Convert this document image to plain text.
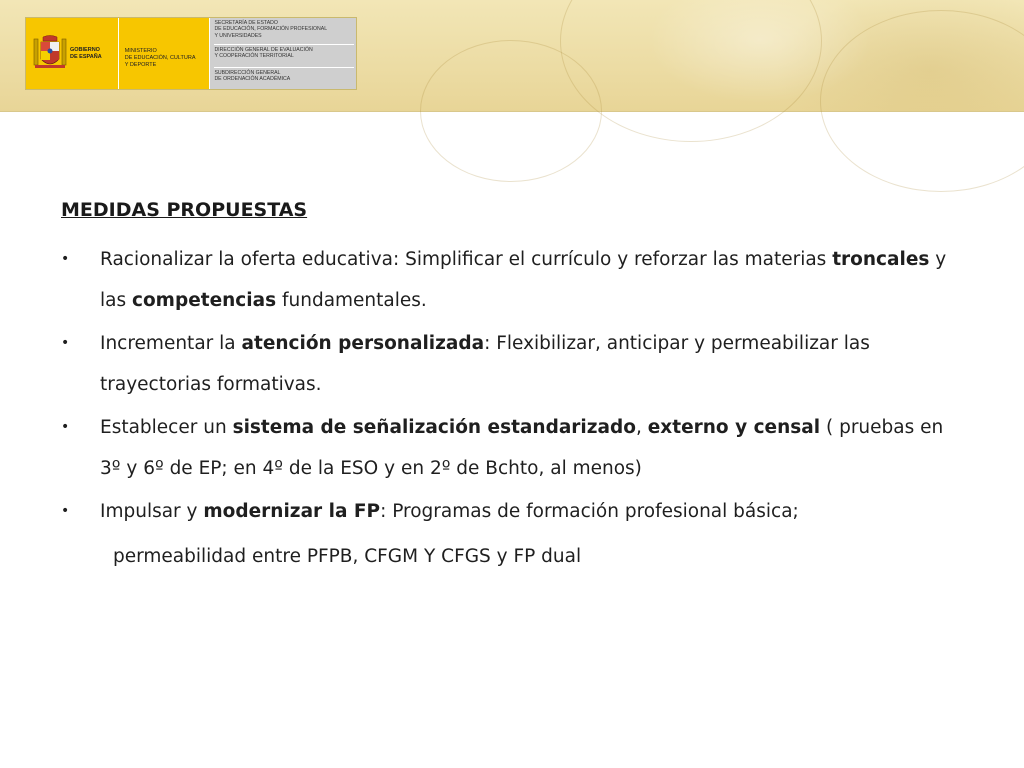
GOBIERNO
DE ESPAÑA
MINISTERIO
DE EDUCACIÓN, CULTURA
Y DEPORTE
SECRETARÍA DE ESTADO
DE EDUCACIÓN, FORMACIÓN PROFESIONAL
Y UNIVERSIDADES
DIRECCIÓN GENERAL DE EVALUACIÓN
Y COOPERACIÓN TERRITORIAL
SUBDIRECCIÓN GENERAL
DE ORDENACIÓN ACADÉMICA
MEDIDAS PROPUESTAS
• Racionalizar la oferta educativa: Simplificar el currículo y reforzar las materias troncales y las competencias fundamentales.
• Incrementar la atención personalizada: Flexibilizar, anticipar y permeabilizar las trayectorias formativas.
• Establecer un sistema de señalización estandarizado, externo y censal ( pruebas en 3º y 6º de EP; en 4º de la ESO y en 2º de Bchto, al menos)
• Impulsar y modernizar la FP: Programas de formación profesional básica;
permeabilidad entre PFPB, CFGM Y CFGS y FP dual
